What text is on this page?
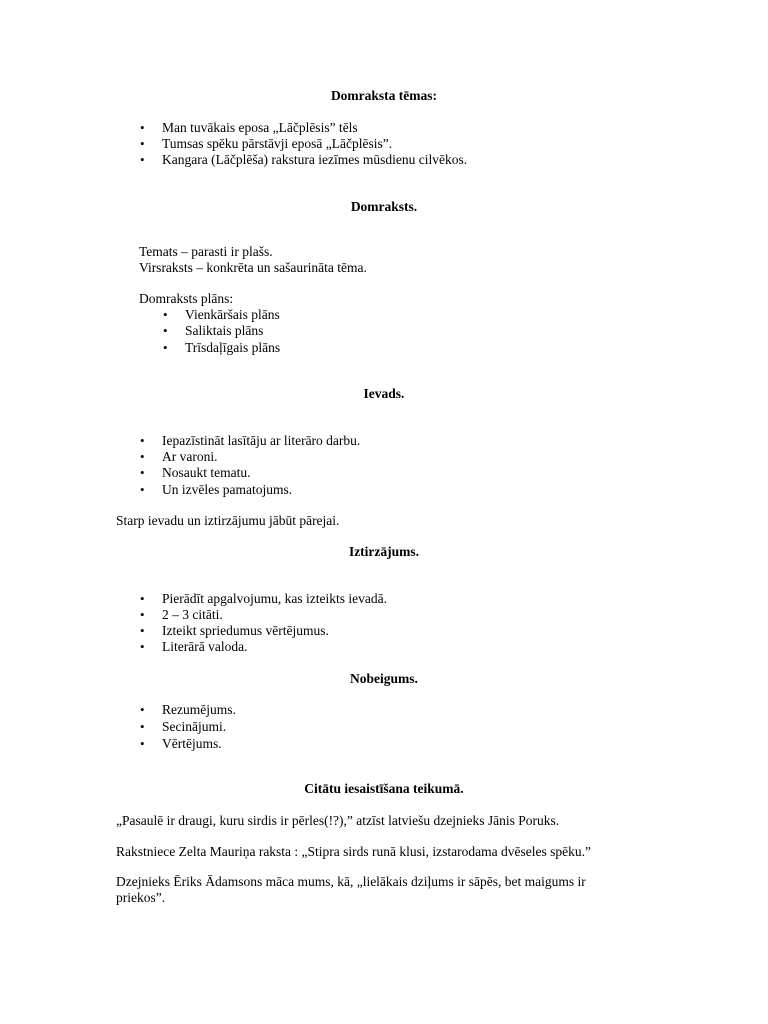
Domraksta tēmas:
• Man tuvākais eposa „Lāčplēsis” tēls
• Tumsas spēku pārstāvji eposā „Lāčplēsis”.
• Kangara (Lāčplēša) rakstura iezīmes mūsdienu cilvēkos.
Domraksts.
Temats – parasti ir plašs.
Virsraksts – konkrēta un sašaurināta tēma.
Domraksts plāns:
• Vienkāršais plāns
• Saliktais plāns
• Trīsdaļīgais plāns
Ievads.
• Iepazīstināt lasītāju ar literāro darbu.
• Ar varoni.
• Nosaukt tematu.
• Un izvēles pamatojums.
Starp ievadu un iztirzājumu jābūt pārejai.
Iztirzājums.
• Pierādīt apgalvojumu, kas izteikts ievadā.
• 2 – 3 citāti.
• Izteikt spriedumus vērtējumus.
• Literārā valoda.
Nobeigums.
• Rezumējums.
• Secinājumi.
• Vērtējums.
Citātu iesaistīšana teikumā.
„Pasaulē ir draugi, kuru sirdis ir pērles(!?),” atzīst latviešu dzejnieks Jānis Poruks.
Rakstniece Zelta Mauriņa raksta : „Stipra sirds runā klusi, izstarodama dvēseles spēku.”
Dzejnieks Ēriks Ādamsons māca mums, kā, „lielākais dziļums ir sāpēs, bet maigums ir priekos”.
